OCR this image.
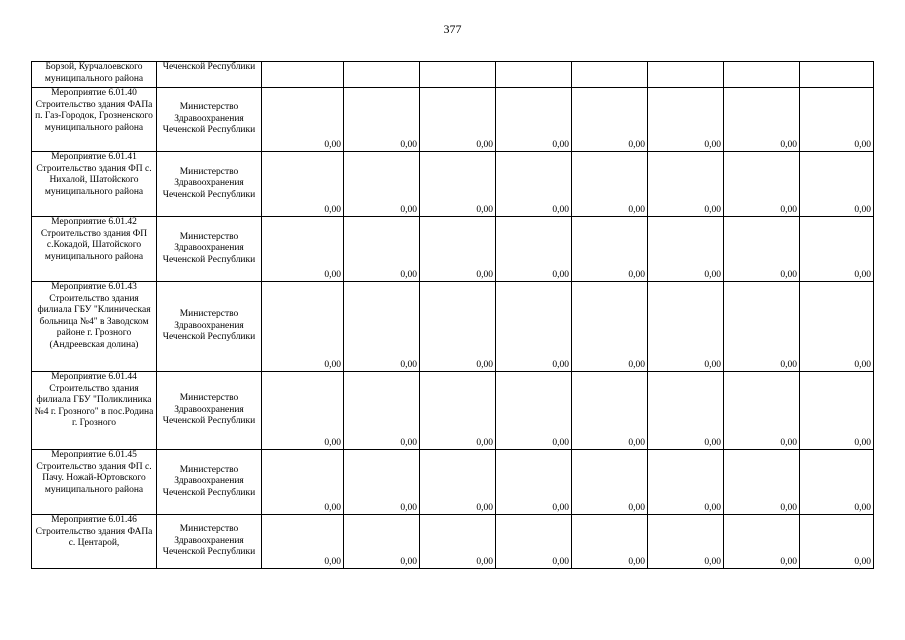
377
Борзой, Курчалоевского муниципального района	Чеченской Республики								
Мероприятие 6.01.40 Строительство здания ФАПа п. Газ-Городок, Грозненского муниципального района	Министерство Здравоохранения Чеченской Республики	0,00	0,00	0,00	0,00	0,00	0,00	0,00	0,00
Мероприятие 6.01.41 Строительство здания ФП с. Нихалой, Шатойского муниципального района	Министерство Здравоохранения Чеченской Республики	0,00	0,00	0,00	0,00	0,00	0,00	0,00	0,00
Мероприятие 6.01.42 Строительство здания ФП с.Кокадой, Шатойского муниципального района	Министерство Здравоохранения Чеченской Республики	0,00	0,00	0,00	0,00	0,00	0,00	0,00	0,00
Мероприятие 6.01.43 Строительство здания филиала ГБУ "Клиническая больница №4" в Заводском районе г. Грозного (Андреевская долина)	Министерство Здравоохранения Чеченской Республики	0,00	0,00	0,00	0,00	0,00	0,00	0,00	0,00
Мероприятие 6.01.44 Строительство здания филиала ГБУ "Поликлиника №4 г. Грозного" в пос.Родина г. Грозного	Министерство Здравоохранения Чеченской Республики	0,00	0,00	0,00	0,00	0,00	0,00	0,00	0,00
Мероприятие 6.01.45 Строительство здания ФП с. Пачу. Ножай-Юртовского муниципального района	Министерство Здравоохранения Чеченской Республики	0,00	0,00	0,00	0,00	0,00	0,00	0,00	0,00
Мероприятие 6.01.46 Строительство здания ФАПа с. Центарой,	Министерство Здравоохранения Чеченской Республики	0,00	0,00	0,00	0,00	0,00	0,00	0,00	0,00
